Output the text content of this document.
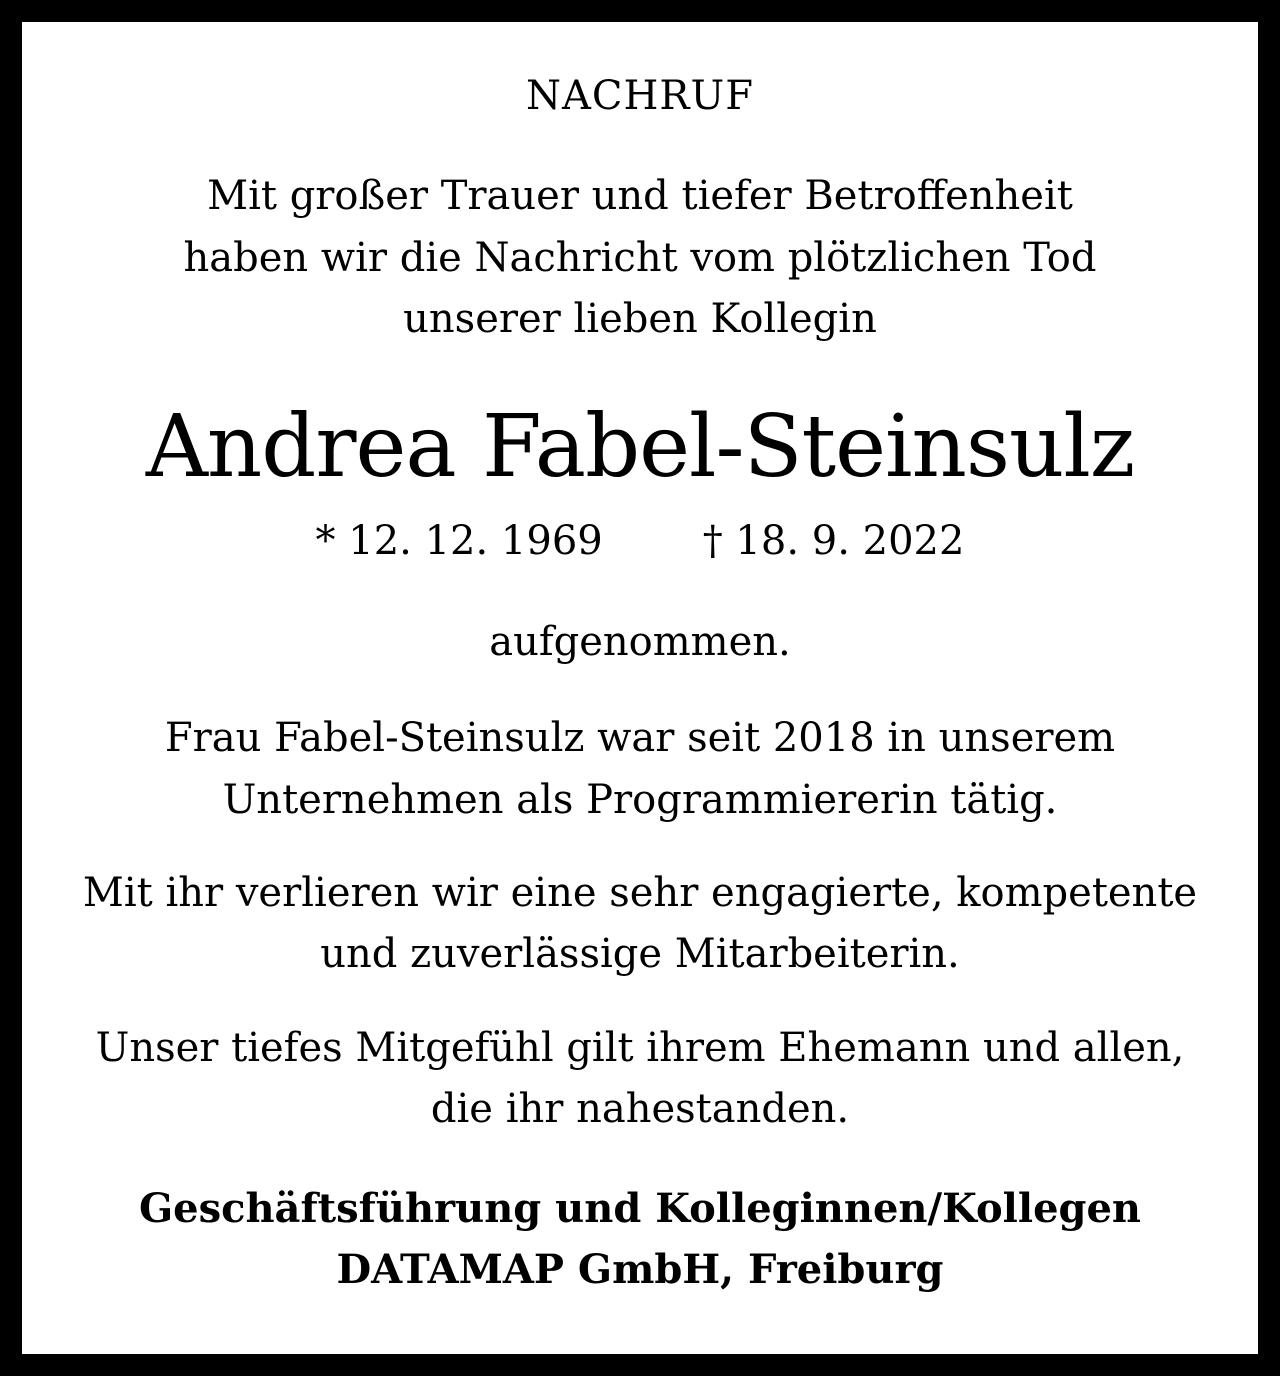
NACHRUF
Mit großer Trauer und tiefer Betroffenheit
haben wir die Nachricht vom plötzlichen Tod
unserer lieben Kollegin
Andrea Fabel-Steinsulz
* 12. 12. 1969	† 18. 9. 2022
aufgenommen.
Frau Fabel-Steinsulz war seit 2018 in unserem
Unternehmen als Programmiererin tätig.
Mit ihr verlieren wir eine sehr engagierte, kompetente
und zuverlässige Mitarbeiterin.
Unser tiefes Mitgefühl gilt ihrem Ehemann und allen,
die ihr nahestanden.
Geschäftsführung und Kolleginnen/Kollegen
DATAMAP GmbH, Freiburg
